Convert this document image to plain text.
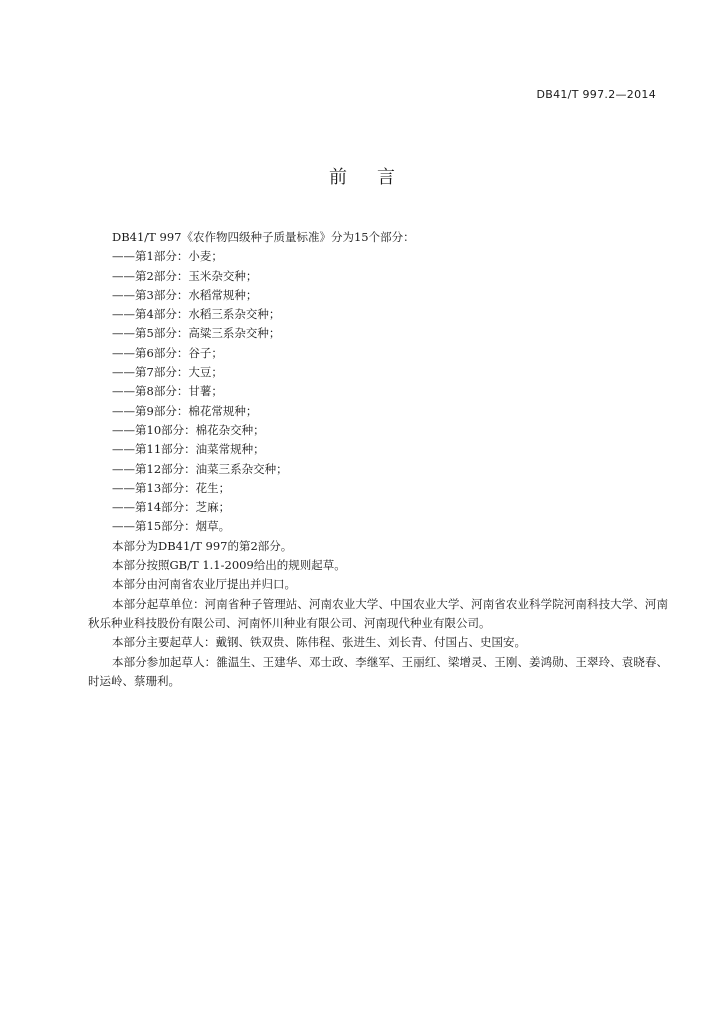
DB41/T 997.2—2014
前言
DB41/T 997《农作物四级种子质量标准》分为15个部分：
——第1部分：小麦；
——第2部分：玉米杂交种；
——第3部分：水稻常规种；
——第4部分：水稻三系杂交种；
——第5部分：高粱三系杂交种；
——第6部分：谷子；
——第7部分：大豆；
——第8部分：甘薯；
——第9部分：棉花常规种；
——第10部分：棉花杂交种；
——第11部分：油菜常规种；
——第12部分：油菜三系杂交种；
——第13部分：花生；
——第14部分：芝麻；
——第15部分：烟草。
本部分为DB41/T 997的第2部分。
本部分按照GB/T 1.1-2009给出的规则起草。
本部分由河南省农业厅提出并归口。
本部分起草单位：河南省种子管理站、河南农业大学、中国农业大学、河南省农业科学院河南科技大学、河南秋乐种业科技股份有限公司、河南怀川种业有限公司、河南现代种业有限公司。
本部分主要起草人：戴钢、铁双贵、陈伟程、张进生、刘长青、付国占、史国安。
本部分参加起草人：雒温生、王建华、邓士政、李继军、王丽红、梁增灵、王刚、姜鸿勋、王翠玲、袁晓春、时运岭、蔡珊利。
